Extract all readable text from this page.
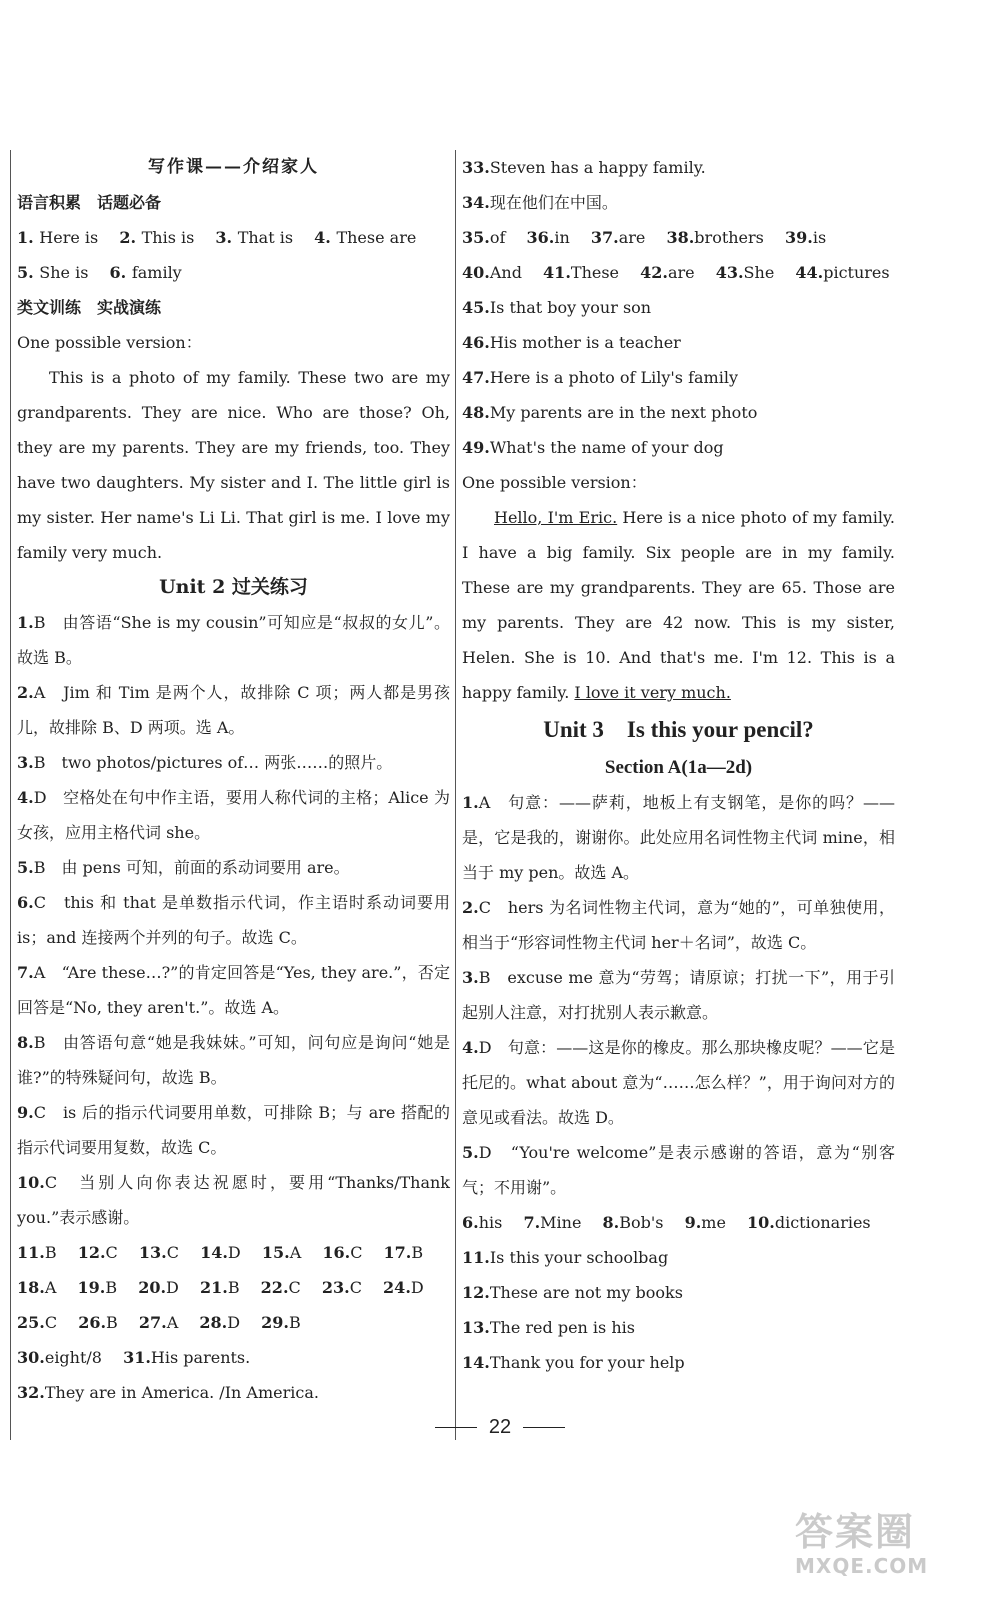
写作课——介绍家人
语言积累　话题必备
1. Here is 2. This is 3. That is 4. These are
5. She is 6. family
类文训练　实战演练
One possible version：
This is a photo of my family. These two are my grandparents. They are nice. Who are those? Oh, they are my parents. They are my friends, too. They have two daughters. My sister and I. The little girl is my sister. Her name's Li Li. That girl is me. I love my family very much.
Unit 2 过关练习
1.B　由答语“She is my cousin”可知应是“叔叔的女儿”。故选 B。
2.A　Jim 和 Tim 是两个人，故排除 C 项；两人都是男孩儿，故排除 B、D 两项。选 A。
3.B　two photos/pictures of… 两张……的照片。
4.D　空格处在句中作主语，要用人称代词的主格；Alice 为女孩，应用主格代词 she。
5.B　由 pens 可知，前面的系动词要用 are。
6.C　this 和 that 是单数指示代词，作主语时系动词要用 is；and 连接两个并列的句子。故选 C。
7.A　“Are these…?”的肯定回答是“Yes, they are.”，否定回答是“No, they aren't.”。故选 A。
8.B　由答语句意“她是我妹妹。”可知，问句应是询问“她是谁?”的特殊疑问句，故选 B。
9.C　is 后的指示代词要用单数，可排除 B；与 are 搭配的指示代词要用复数，故选 C。
10.C　当别人向你表达祝愿时，要用“Thanks/Thank you.”表示感谢。
11.B 12.C 13.C 14.D 15.A 16.C 17.B
18.A 19.B 20.D 21.B 22.C 23.C 24.D
25.C 26.B 27.A 28.D 29.B
30.eight/8 31.His parents.
32.They are in America. /In America.
33.Steven has a happy family.
34.现在他们在中国。
35.of 36.in 37.are 38.brothers 39.is
40.And 41.These 42.are 43.She 44.pictures
45.Is that boy your son
46.His mother is a teacher
47.Here is a photo of Lily's family
48.My parents are in the next photo
49.What's the name of your dog
One possible version：
Hello, I'm Eric. Here is a nice photo of my family. I have a big family. Six people are in my family. These are my grandparents. They are 65. Those are my parents. They are 42 now. This is my sister, Helen. She is 10. And that's me. I'm 12. This is a happy family. I love it very much.
Unit 3　Is this your pencil?
Section A(1a—2d)
1.A　句意：——萨莉，地板上有支钢笔，是你的吗？——是，它是我的，谢谢你。此处应用名词性物主代词 mine，相当于 my pen。故选 A。
2.C　hers 为名词性物主代词，意为“她的”，可单独使用，相当于“形容词性物主代词 her＋名词”，故选 C。
3.B　excuse me 意为“劳驾；请原谅；打扰一下”，用于引起别人注意，对打扰别人表示歉意。
4.D　句意：——这是你的橡皮。那么那块橡皮呢？——它是托尼的。what about 意为“……怎么样？”，用于询问对方的意见或看法。故选 D。
5.D　“You're welcome”是表示感谢的答语，意为“别客气；不用谢”。
6.his 7.Mine 8.Bob's 9.me 10.dictionaries
11.Is this your schoolbag
12.These are not my books
13.The red pen is his
14.Thank you for your help
22
答案圈
MXQE.COM
